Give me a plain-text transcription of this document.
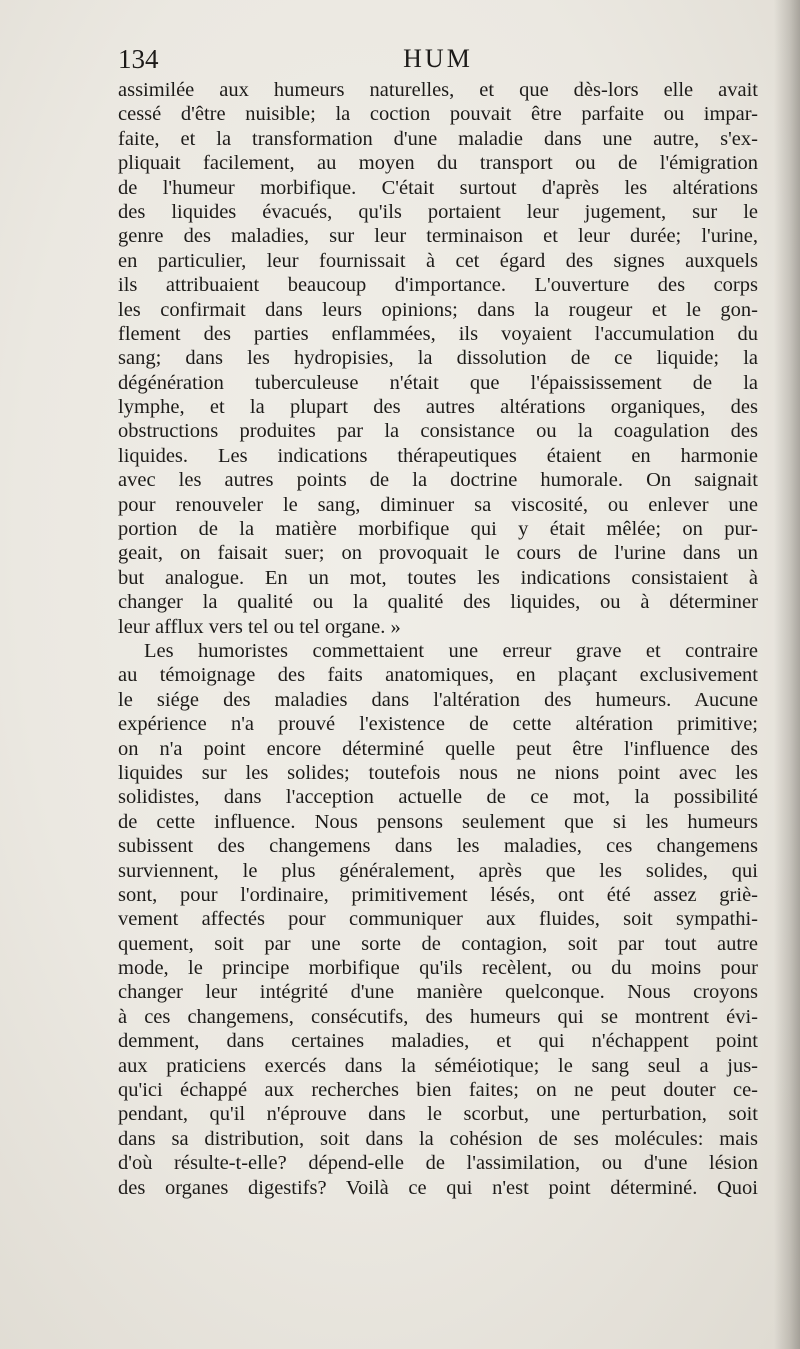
134	HUM
assimilée aux humeurs naturelles, et que dès-lors elle avait
cessé d'être nuisible; la coction pouvait être parfaite ou impar-
faite, et la transformation d'une maladie dans une autre, s'ex-
pliquait facilement, au moyen du transport ou de l'émigration
de l'humeur morbifique. C'était surtout d'après les altérations
des liquides évacués, qu'ils portaient leur jugement, sur le
genre des maladies, sur leur terminaison et leur durée; l'urine,
en particulier, leur fournissait à cet égard des signes auxquels
ils attribuaient beaucoup d'importance. L'ouverture des corps
les confirmait dans leurs opinions; dans la rougeur et le gon-
flement des parties enflammées, ils voyaient l'accumulation du
sang; dans les hydropisies, la dissolution de ce liquide; la
dégénération tuberculeuse n'était que l'épaississement de la
lymphe, et la plupart des autres altérations organiques, des
obstructions produites par la consistance ou la coagulation des
liquides. Les indications thérapeutiques étaient en harmonie
avec les autres points de la doctrine humorale. On saignait
pour renouveler le sang, diminuer sa viscosité, ou enlever une
portion de la matière morbifique qui y était mêlée; on pur-
geait, on faisait suer; on provoquait le cours de l'urine dans un
but analogue. En un mot, toutes les indications consistaient à
changer la qualité ou la qualité des liquides, ou à déterminer
leur afflux vers tel ou tel organe. »
Les humoristes commettaient une erreur grave et contraire
au témoignage des faits anatomiques, en plaçant exclusivement
le siége des maladies dans l'altération des humeurs. Aucune
expérience n'a prouvé l'existence de cette altération primitive;
on n'a point encore déterminé quelle peut être l'influence des
liquides sur les solides; toutefois nous ne nions point avec les
solidistes, dans l'acception actuelle de ce mot, la possibilité
de cette influence. Nous pensons seulement que si les humeurs
subissent des changemens dans les maladies, ces changemens
surviennent, le plus généralement, après que les solides, qui
sont, pour l'ordinaire, primitivement lésés, ont été assez griè-
vement affectés pour communiquer aux fluides, soit sympathi-
quement, soit par une sorte de contagion, soit par tout autre
mode, le principe morbifique qu'ils recèlent, ou du moins pour
changer leur intégrité d'une manière quelconque. Nous croyons
à ces changemens, consécutifs, des humeurs qui se montrent évi-
demment, dans certaines maladies, et qui n'échappent point
aux praticiens exercés dans la séméiotique; le sang seul a jus-
qu'ici échappé aux recherches bien faites; on ne peut douter ce-
pendant, qu'il n'éprouve dans le scorbut, une perturbation, soit
dans sa distribution, soit dans la cohésion de ses molécules: mais
d'où résulte-t-elle? dépend-elle de l'assimilation, ou d'une lésion
des organes digestifs? Voilà ce qui n'est point déterminé. Quoi
